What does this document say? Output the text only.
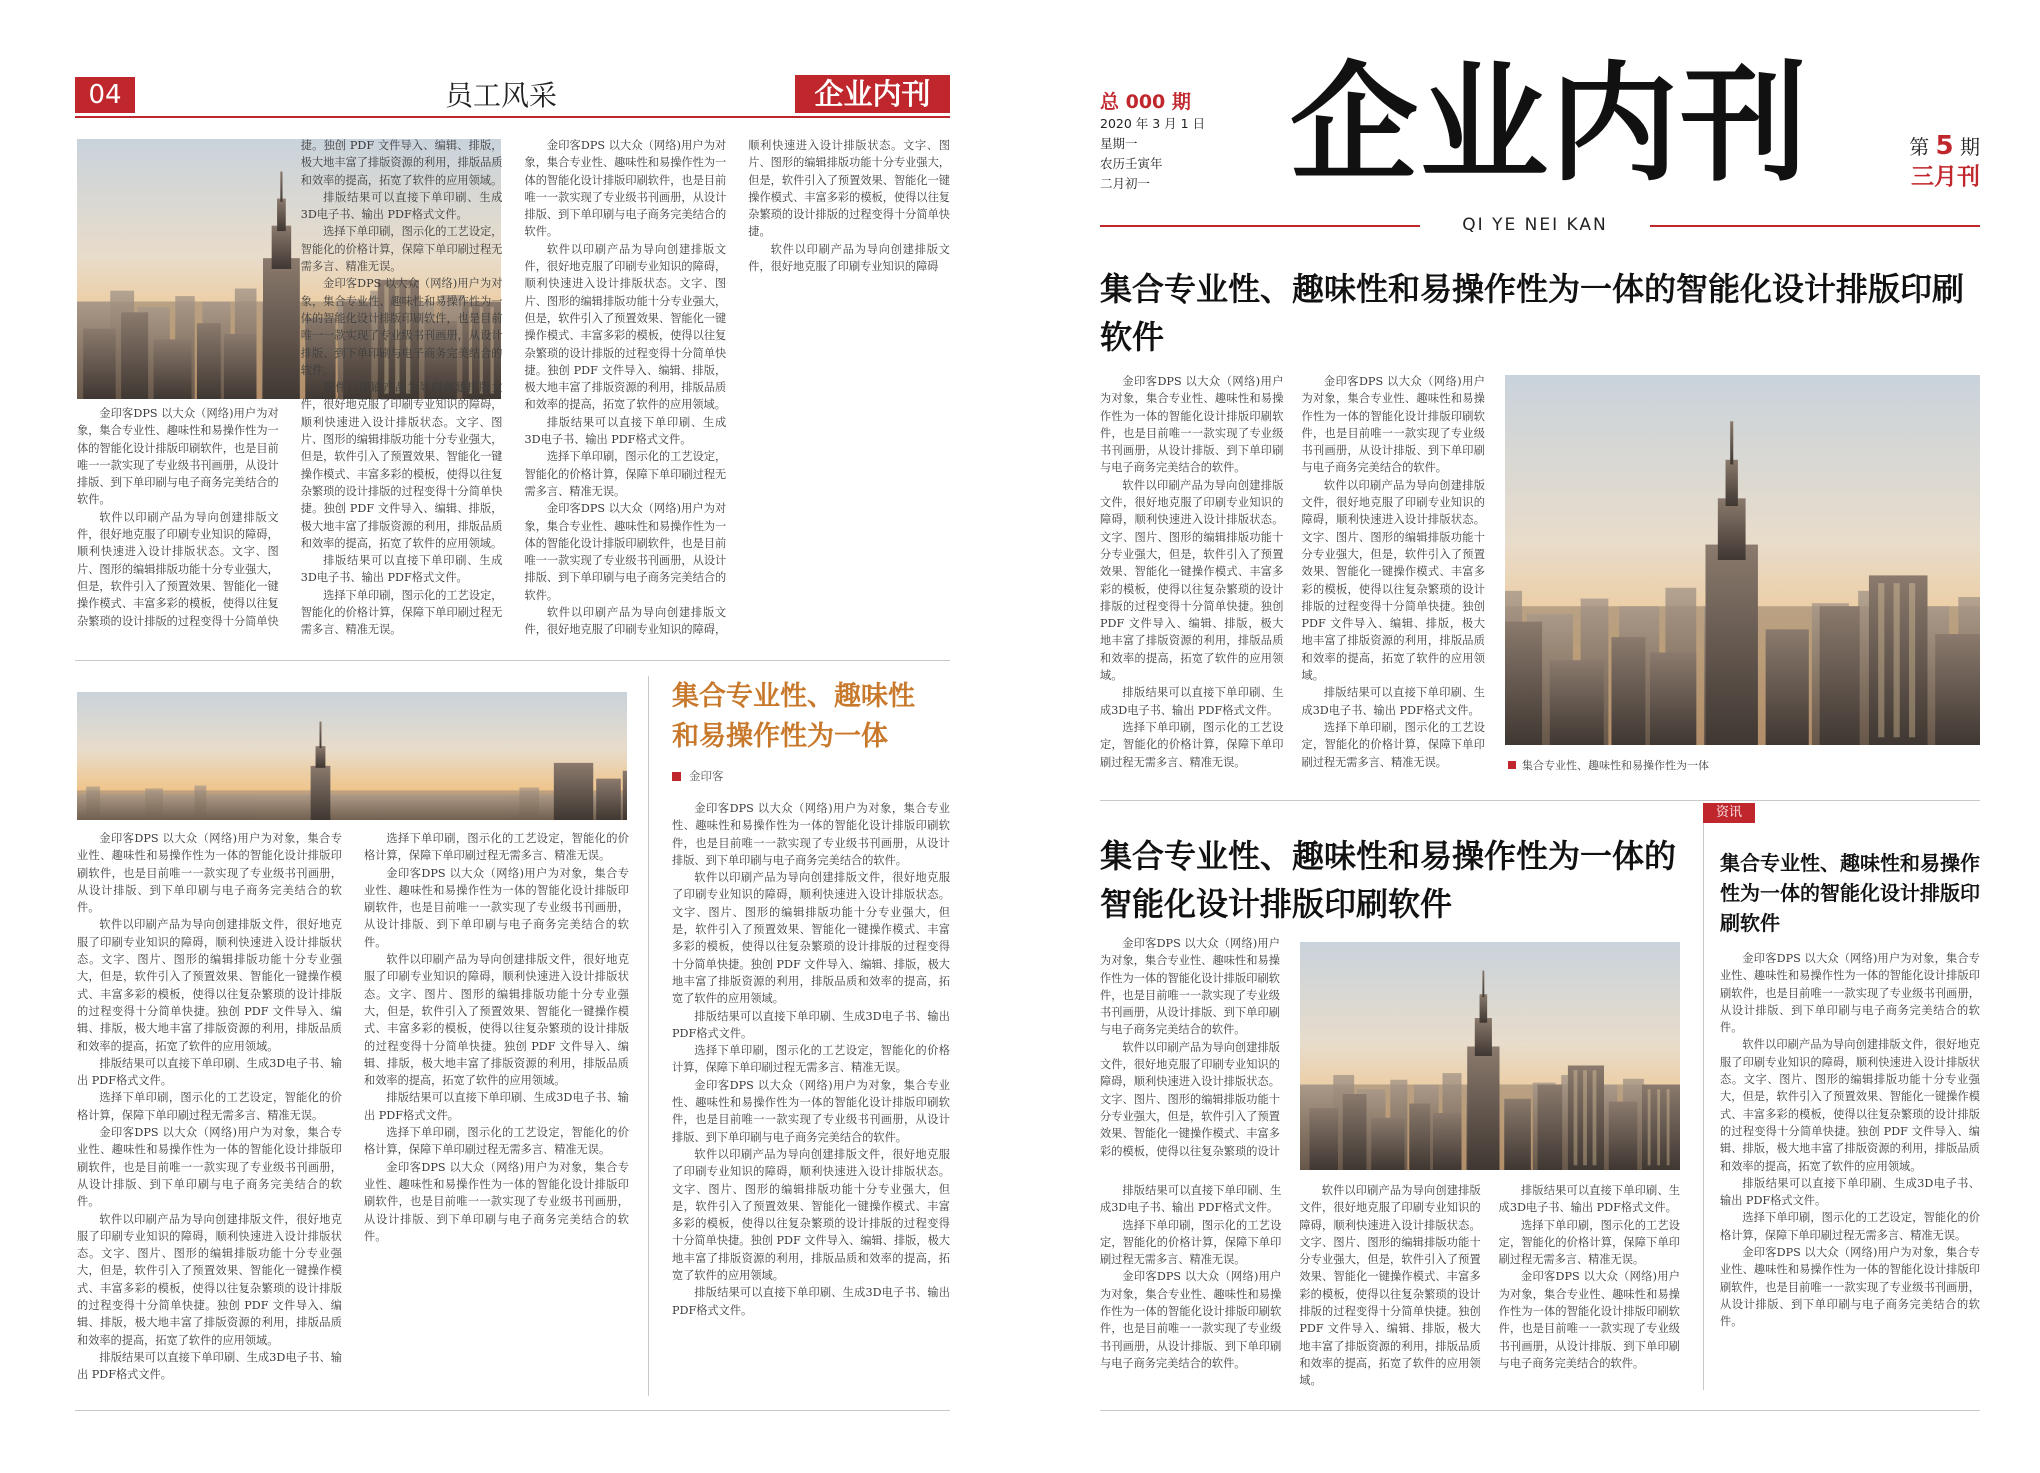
04	员工风采	企业内刊

金印客DPS 以大众（网络)用户为对象，集合专业性、趣味性和易操作性为一体的智能化设计排版印刷软件，也是目前唯一一款实现了专业级书刊画册，从设计排版、到下单印刷与电子商务完美结合的软件。

软件以印刷产品为导向创建排版文件，很好地克服了印刷专业知识的障碍，顺利快速进入设计排版状态。文字、图片、图形的编辑排版功能十分专业强大，但是，软件引入了预置效果、智能化一键操作模式、丰富多彩的模板，使得以往复杂繁琐的设计排版的过程变得十分简单快捷。独创 PDF 文件导入、编辑、排版，极大地丰富了排版资源的利用，排版品质和效率的提高，拓宽了软件的应用领域。

排版结果可以直接下单印刷、生成3D电子书、输出 PDF格式文件。

选择下单印刷，图示化的工艺设定，智能化的价格计算，保障下单印刷过程无需多言、精准无误。

金印客DPS 以大众（网络)用户为对象，集合专业性、趣味性和易操作性为一体的智能化设计排版印刷软件，也是目前唯一一款实现了专业级书刊画册，从设计排版、到下单印刷与电子商务完美结合的软件。

软件以印刷产品为导向创建排版文件，很好地克服了印刷专业知识的障碍，顺利快速进入设计排版状态。文字、图片、图形的编辑排版功能十分专业强大，但是，软件引入了预置效果、智能化一键操作模式、丰富多彩的模板，使得以往复杂繁琐的设计排版的过程变得十分简单快捷。独创 PDF 文件导入、编辑、排版，极大地丰富了排版资源的利用，排版品质和效率的提高，拓宽了软件的应用领域。

排版结果可以直接下单印刷、生成3D电子书、输出 PDF格式文件。

选择下单印刷，图示化的工艺设定，智能化的价格计算，保障下单印刷过程无需多言、精准无误。

金印客DPS 以大众（网络)用户为对象，集合专业性、趣味性和易操作性为一体的智能化设计排版印刷软件，也是目前唯一一款实现了专业级书刊画册，从设计排版、到下单印刷与电子商务完美结合的软件。

软件以印刷产品为导向创建排版文件，很好地克服了印刷专业知识的障碍，顺利快速进入设计排版状态。文字、图片、图形的编辑排版功能十分专业强大，但是，软件引入了预置效果、智能化一键操作模式、丰富多彩的模板，使得以往复杂繁琐的设计排版的过程变得十分简单快捷。独创 PDF 文件导入、编辑、排版，极大地丰富了排版资源的利用，排版品质和效率的提高，拓宽了软件的应用领域。

排版结果可以直接下单印刷、生成3D电子书、输出 PDF格式文件。

选择下单印刷，图示化的工艺设定，智能化的价格计算，保障下单印刷过程无需多言、精准无误。

金印客DPS 以大众（网络)用户为对象，集合专业性、趣味性和易操作性为一体的智能化设计排版印刷软件，也是目前唯一一款实现了专业级书刊画册，从设计排版、到下单印刷与电子商务完美结合的软件。

软件以印刷产品为导向创建排版文件，很好地克服了印刷专业知识的障碍，顺利快速进入设计排版状态。文字、图片、图形的编辑排版功能十分专业强大，但是，软件引入了预置效果、智能化一键操作模式、丰富多彩的模板，使得以往复杂繁琐的设计排版的过程变得十分简单快捷。

软件以印刷产品为导向创建排版文件，很好地克服了印刷专业知识的障碍

金印客DPS 以大众（网络)用户为对象，集合专业性、趣味性和易操作性为一体的智能化设计排版印刷软件，也是目前唯一一款实现了专业级书刊画册，从设计排版、到下单印刷与电子商务完美结合的软件。

软件以印刷产品为导向创建排版文件，很好地克服了印刷专业知识的障碍，顺利快速进入设计排版状态。文字、图片、图形的编辑排版功能十分专业强大，但是，软件引入了预置效果、智能化一键操作模式、丰富多彩的模板，使得以往复杂繁琐的设计排版的过程变得十分简单快捷。独创 PDF 文件导入、编辑、排版，极大地丰富了排版资源的利用，排版品质和效率的提高，拓宽了软件的应用领域。

排版结果可以直接下单印刷、生成3D电子书、输出 PDF格式文件。

选择下单印刷，图示化的工艺设定，智能化的价格计算，保障下单印刷过程无需多言、精准无误。

金印客DPS 以大众（网络)用户为对象，集合专业性、趣味性和易操作性为一体的智能化设计排版印刷软件，也是目前唯一一款实现了专业级书刊画册，从设计排版、到下单印刷与电子商务完美结合的软件。

软件以印刷产品为导向创建排版文件，很好地克服了印刷专业知识的障碍，顺利快速进入设计排版状态。文字、图片、图形的编辑排版功能十分专业强大，但是，软件引入了预置效果、智能化一键操作模式、丰富多彩的模板，使得以往复杂繁琐的设计排版的过程变得十分简单快捷。独创 PDF 文件导入、编辑、排版，极大地丰富了排版资源的利用，排版品质和效率的提高，拓宽了软件的应用领域。

排版结果可以直接下单印刷、生成3D电子书、输出 PDF格式文件。

选择下单印刷，图示化的工艺设定，智能化的价格计算，保障下单印刷过程无需多言、精准无误。

金印客DPS 以大众（网络)用户为对象，集合专业性、趣味性和易操作性为一体的智能化设计排版印刷软件，也是目前唯一一款实现了专业级书刊画册，从设计排版、到下单印刷与电子商务完美结合的软件。

软件以印刷产品为导向创建排版文件，很好地克服了印刷专业知识的障碍，顺利快速进入设计排版状态。文字、图片、图形的编辑排版功能十分专业强大，但是，软件引入了预置效果、智能化一键操作模式、丰富多彩的模板，使得以往复杂繁琐的设计排版的过程变得十分简单快捷。独创 PDF 文件导入、编辑、排版，极大地丰富了排版资源的利用，排版品质和效率的提高，拓宽了软件的应用领域。

排版结果可以直接下单印刷、生成3D电子书、输出 PDF格式文件。

选择下单印刷，图示化的工艺设定，智能化的价格计算，保障下单印刷过程无需多言、精准无误。

金印客DPS 以大众（网络)用户为对象，集合专业性、趣味性和易操作性为一体的智能化设计排版印刷软件，也是目前唯一一款实现了专业级书刊画册，从设计排版、到下单印刷与电子商务完美结合的软件。

集合专业性、趣味性
和易操作性为一体
金印客

金印客DPS 以大众（网络)用户为对象，集合专业性、趣味性和易操作性为一体的智能化设计排版印刷软件，也是目前唯一一款实现了专业级书刊画册，从设计排版、到下单印刷与电子商务完美结合的软件。

软件以印刷产品为导向创建排版文件，很好地克服了印刷专业知识的障碍，顺利快速进入设计排版状态。文字、图片、图形的编辑排版功能十分专业强大，但是，软件引入了预置效果、智能化一键操作模式、丰富多彩的模板，使得以往复杂繁琐的设计排版的过程变得十分简单快捷。独创 PDF 文件导入、编辑、排版，极大地丰富了排版资源的利用，排版品质和效率的提高，拓宽了软件的应用领域。

排版结果可以直接下单印刷、生成3D电子书、输出 PDF格式文件。

选择下单印刷，图示化的工艺设定，智能化的价格计算，保障下单印刷过程无需多言、精准无误。

金印客DPS 以大众（网络)用户为对象，集合专业性、趣味性和易操作性为一体的智能化设计排版印刷软件，也是目前唯一一款实现了专业级书刊画册，从设计排版、到下单印刷与电子商务完美结合的软件。

软件以印刷产品为导向创建排版文件，很好地克服了印刷专业知识的障碍，顺利快速进入设计排版状态。文字、图片、图形的编辑排版功能十分专业强大，但是，软件引入了预置效果、智能化一键操作模式、丰富多彩的模板，使得以往复杂繁琐的设计排版的过程变得十分简单快捷。独创 PDF 文件导入、编辑、排版，极大地丰富了排版资源的利用，排版品质和效率的提高，拓宽了软件的应用领域。

排版结果可以直接下单印刷、生成3D电子书、输出 PDF格式文件。

总 000 期
2020 年 3 月 1 日
星期一
农历壬寅年
二月初一	企业内刊	第 5 期
三月刊
QI YE NEI KAN
集合专业性、趣味性和易操作性为一体的智能化设计排版印刷软件
集合专业性、趣味性和易操作性为一体

金印客DPS 以大众（网络)用户为对象，集合专业性、趣味性和易操作性为一体的智能化设计排版印刷软件，也是目前唯一一款实现了专业级书刊画册，从设计排版、到下单印刷与电子商务完美结合的软件。

软件以印刷产品为导向创建排版文件，很好地克服了印刷专业知识的障碍，顺利快速进入设计排版状态。文字、图片、图形的编辑排版功能十分专业强大，但是，软件引入了预置效果、智能化一键操作模式、丰富多彩的模板，使得以往复杂繁琐的设计排版的过程变得十分简单快捷。独创 PDF 文件导入、编辑、排版，极大地丰富了排版资源的利用，排版品质和效率的提高，拓宽了软件的应用领域。

排版结果可以直接下单印刷、生成3D电子书、输出 PDF格式文件。

选择下单印刷，图示化的工艺设定，智能化的价格计算，保障下单印刷过程无需多言、精准无误。

金印客DPS 以大众（网络)用户为对象，集合专业性、趣味性和易操作性为一体的智能化设计排版印刷软件，也是目前唯一一款实现了专业级书刊画册，从设计排版、到下单印刷与电子商务完美结合的软件。

软件以印刷产品为导向创建排版文件，很好地克服了印刷专业知识的障碍，顺利快速进入设计排版状态。文字、图片、图形的编辑排版功能十分专业强大，但是，软件引入了预置效果、智能化一键操作模式、丰富多彩的模板，使得以往复杂繁琐的设计排版的过程变得十分简单快捷。独创 PDF 文件导入、编辑、排版，极大地丰富了排版资源的利用，排版品质和效率的提高，拓宽了软件的应用领域。

排版结果可以直接下单印刷、生成3D电子书、输出 PDF格式文件。

选择下单印刷，图示化的工艺设定，智能化的价格计算，保障下单印刷过程无需多言、精准无误。

集合专业性、趣味性和易操作性为一体的智能化设计排版印刷软件

金印客DPS 以大众（网络)用户为对象，集合专业性、趣味性和易操作性为一体的智能化设计排版印刷软件，也是目前唯一一款实现了专业级书刊画册，从设计排版、到下单印刷与电子商务完美结合的软件。

软件以印刷产品为导向创建排版文件，很好地克服了印刷专业知识的障碍，顺利快速进入设计排版状态。文字、图片、图形的编辑排版功能十分专业强大，但是，软件引入了预置效果、智能化一键操作模式、丰富多彩的模板，使得以往复杂繁琐的设计

排版结果可以直接下单印刷、生成3D电子书、输出 PDF格式文件。

选择下单印刷，图示化的工艺设定，智能化的价格计算，保障下单印刷过程无需多言、精准无误。

金印客DPS 以大众（网络)用户为对象，集合专业性、趣味性和易操作性为一体的智能化设计排版印刷软件，也是目前唯一一款实现了专业级书刊画册，从设计排版、到下单印刷与电子商务完美结合的软件。

软件以印刷产品为导向创建排版文件，很好地克服了印刷专业知识的障碍，顺利快速进入设计排版状态。文字、图片、图形的编辑排版功能十分专业强大，但是，软件引入了预置效果、智能化一键操作模式、丰富多彩的模板，使得以往复杂繁琐的设计排版的过程变得十分简单快捷。独创 PDF 文件导入、编辑、排版，极大地丰富了排版资源的利用，排版品质和效率的提高，拓宽了软件的应用领域。

排版结果可以直接下单印刷、生成3D电子书、输出 PDF格式文件。

选择下单印刷，图示化的工艺设定，智能化的价格计算，保障下单印刷过程无需多言、精准无误。

金印客DPS 以大众（网络)用户为对象，集合专业性、趣味性和易操作性为一体的智能化设计排版印刷软件，也是目前唯一一款实现了专业级书刊画册，从设计排版、到下单印刷与电子商务完美结合的软件。

资讯
集合专业性、趣味性和易操作性为一体的智能化设计排版印刷软件

金印客DPS 以大众（网络)用户为对象，集合专业性、趣味性和易操作性为一体的智能化设计排版印刷软件，也是目前唯一一款实现了专业级书刊画册，从设计排版、到下单印刷与电子商务完美结合的软件。

软件以印刷产品为导向创建排版文件，很好地克服了印刷专业知识的障碍，顺利快速进入设计排版状态。文字、图片、图形的编辑排版功能十分专业强大，但是，软件引入了预置效果、智能化一键操作模式、丰富多彩的模板，使得以往复杂繁琐的设计排版的过程变得十分简单快捷。独创 PDF 文件导入、编辑、排版，极大地丰富了排版资源的利用，排版品质和效率的提高，拓宽了软件的应用领域。

排版结果可以直接下单印刷、生成3D电子书、输出 PDF格式文件。

选择下单印刷，图示化的工艺设定，智能化的价格计算，保障下单印刷过程无需多言、精准无误。

金印客DPS 以大众（网络)用户为对象，集合专业性、趣味性和易操作性为一体的智能化设计排版印刷软件，也是目前唯一一款实现了专业级书刊画册，从设计排版、到下单印刷与电子商务完美结合的软件。
